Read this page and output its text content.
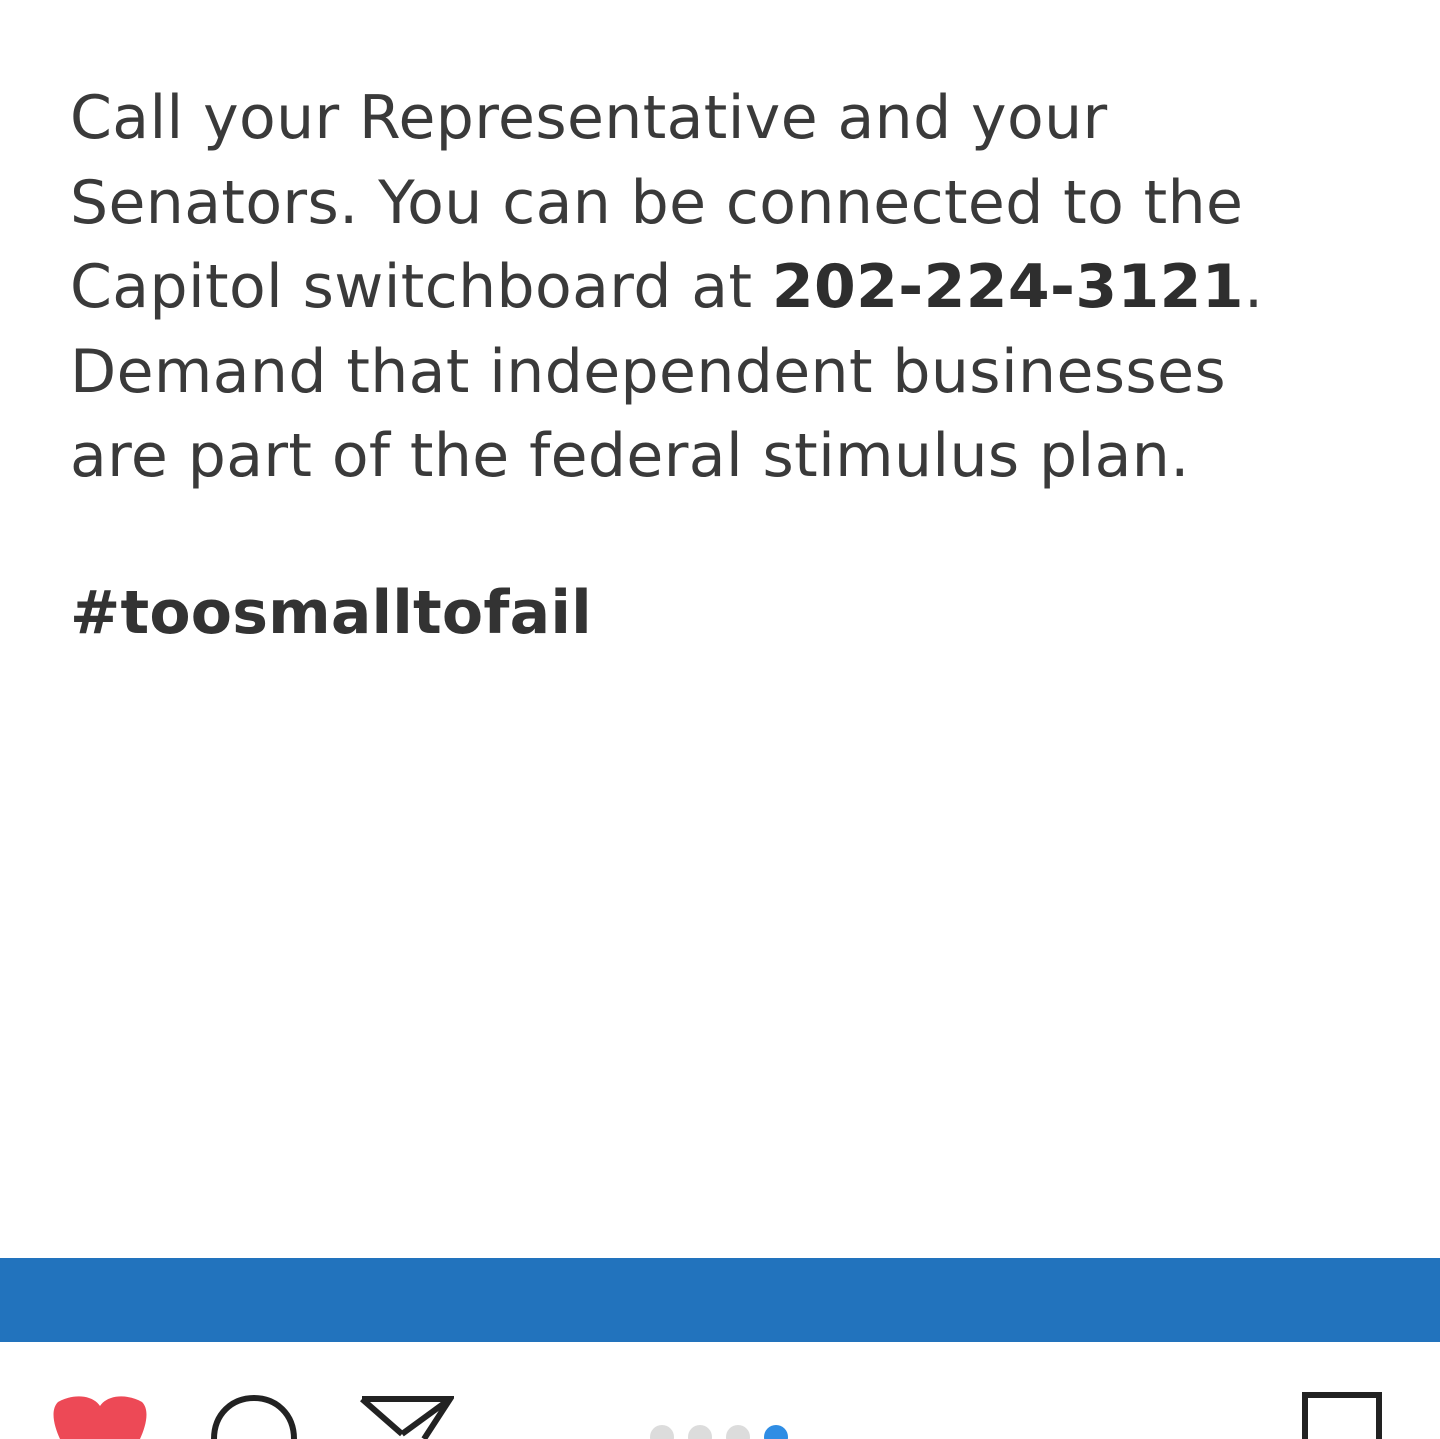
Call your Representative and your
Senators. You can be connected to the
Capitol switchboard at 202-224-3121.
Demand that independent businesses
are part of the federal stimulus plan.
#toosmalltofail
